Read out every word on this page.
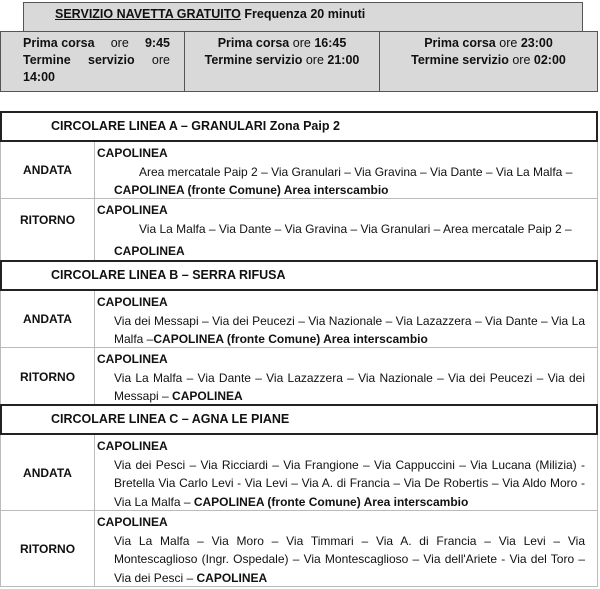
SERVIZIO NAVETTA GRATUITO Frequenza 20 minuti
Prima corsa ore 9:45
Termine servizio ore
14:00
Prima corsa ore 16:45
Termine servizio ore 21:00
Prima corsa ore 23:00
Termine servizio ore 02:00
CIRCOLARE LINEA A – GRANULARI Zona Paip 2
ANDATA
CAPOLINEA
Area mercatale Paip 2 – Via Granulari – Via Gravina – Via Dante – Via La Malfa –
CAPOLINEA (fronte Comune) Area interscambio
RITORNO
CAPOLINEA
Via La Malfa – Via Dante – Via Gravina – Via Granulari – Area mercatale Paip 2 –
CAPOLINEA
CIRCOLARE LINEA B – SERRA RIFUSA
ANDATA
CAPOLINEA
Via dei Messapi – Via dei Peucezi – Via Nazionale – Via Lazazzera – Via Dante – Via La Malfa –CAPOLINEA (fronte Comune) Area interscambio
RITORNO
CAPOLINEA
Via La Malfa – Via Dante – Via Lazazzera – Via Nazionale – Via dei Peucezi – Via dei Messapi – CAPOLINEA
CIRCOLARE LINEA C – AGNA LE PIANE
ANDATA
CAPOLINEA
Via dei Pesci – Via Ricciardi – Via Frangione – Via Cappuccini – Via Lucana (Milizia) - Bretella Via Carlo Levi - Via Levi – Via A. di Francia – Via De Robertis – Via Aldo Moro - Via La Malfa – CAPOLINEA (fronte Comune) Area interscambio
RITORNO
CAPOLINEA
Via La Malfa – Via Moro – Via Timmari – Via A. di Francia – Via Levi – Via Montescaglioso (Ingr. Ospedale) – Via Montescaglioso – Via dell'Ariete - Via del Toro – Via dei Pesci – CAPOLINEA
